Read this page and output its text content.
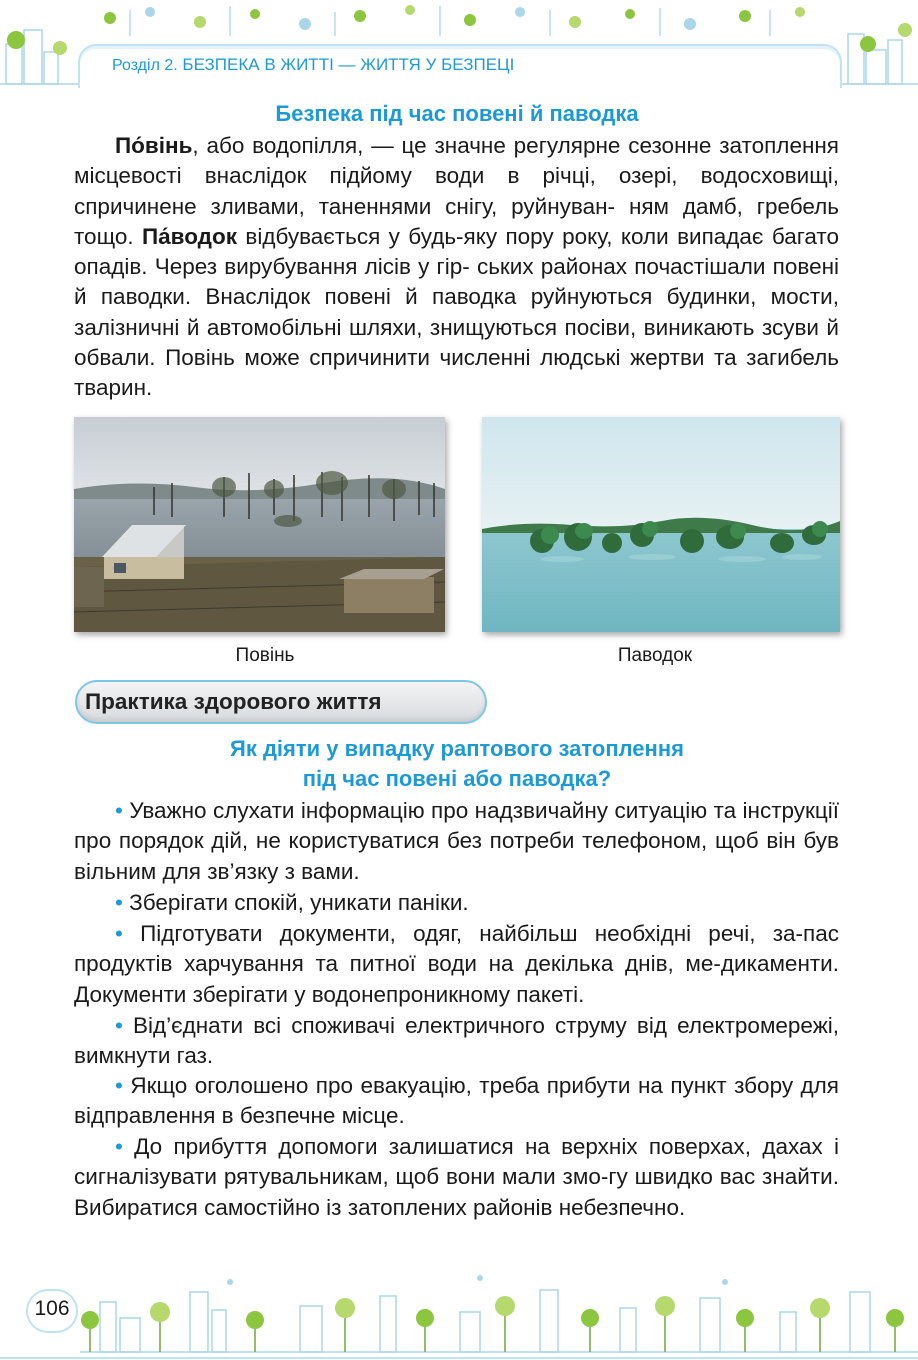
Розділ 2. БЕЗПЕКА В ЖИТТІ — ЖИТТЯ У БЕЗПЕЦІ
Безпека під час повені й паводка
По́вінь, або водопілля, — це значне регулярне сезонне затоплення місцевості внаслідок підйому води в річці, озері, водосховищі, спричинене зливами, таненнями снігу, руйнуван- ням дамб, гребель тощо. Па́водок відбувається у будь-яку пору року, коли випадає багато опадів. Через вирубування лісів у гір- ських районах почастішали повені й паводки. Внаслідок повені й паводка руйнуються будинки, мости, залізничні й автомобільні шляхи, знищуються посіви, виникають зсуви й обвали. Повінь може спричинити численні людські жертви та загибель тварин.
Повінь	Паводок
Практика здорового життя
Як діяти у випадку раптового затоплення
під час повені або паводка?
• Уважно слухати інформацію про надзвичайну ситуацію та інструкції про порядок дій, не користуватися без потреби телефоном, щоб він був вільним для зв’язку з вами.
• Зберігати спокій, уникати паніки.
• Підготувати документи, одяг, найбільш необхідні речі, за-пас продуктів харчування та питної води на декілька днів, ме-дикаменти. Документи зберігати у водонепроникному пакеті.
• Від’єднати всі споживачі електричного струму від електромережі, вимкнути газ.
• Якщо оголошено про евакуацію, треба прибути на пункт збору для відправлення в безпечне місце.
• До прибуття допомоги залишатися на верхніх поверхах, дахах і сигналізувати рятувальникам, щоб вони мали змо-гу швидко вас знайти. Вибиратися самостійно із затоплених районів небезпечно.
106
